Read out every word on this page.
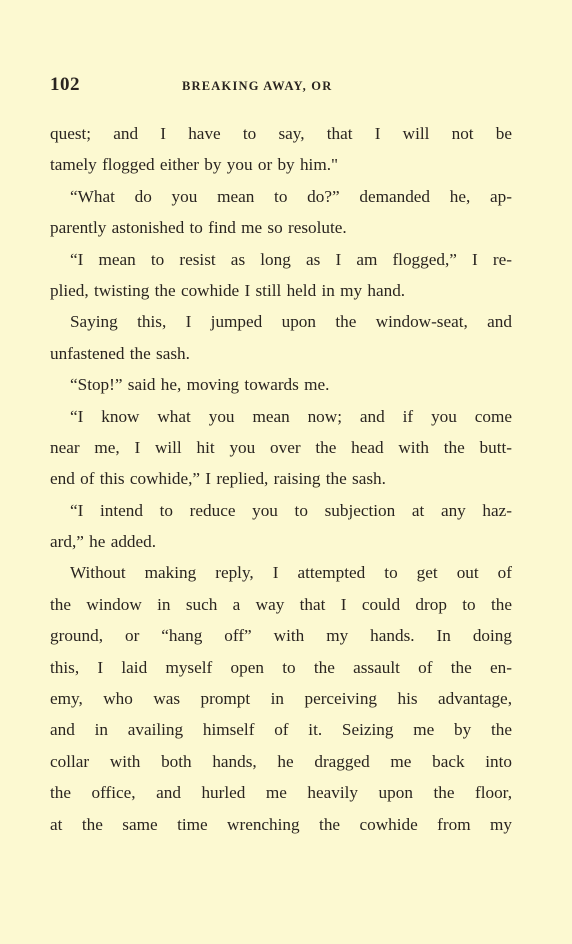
102	BREAKING AWAY, OR

quest; and I have to say, that I will not be

tamely flogged either by you or by him."

“What do you mean to do?” demanded he, ap-

parently astonished to find me so resolute.

“I mean to resist as long as I am flogged,” I re-

plied, twisting the cowhide I still held in my hand.

Saying this, I jumped upon the window-seat, and

unfastened the sash.

“Stop!” said he, moving towards me.

“I know what you mean now; and if you come

near me, I will hit you over the head with the butt-

end of this cowhide,” I replied, raising the sash.

“I intend to reduce you to subjection at any haz-

ard,” he added.

Without making reply, I attempted to get out of

the window in such a way that I could drop to the

ground, or “hang off” with my hands. In doing

this, I laid myself open to the assault of the en-

emy, who was prompt in perceiving his advantage,

and in availing himself of it. Seizing me by the

collar with both hands, he dragged me back into

the office, and hurled me heavily upon the floor,

at the same time wrenching the cowhide from my
